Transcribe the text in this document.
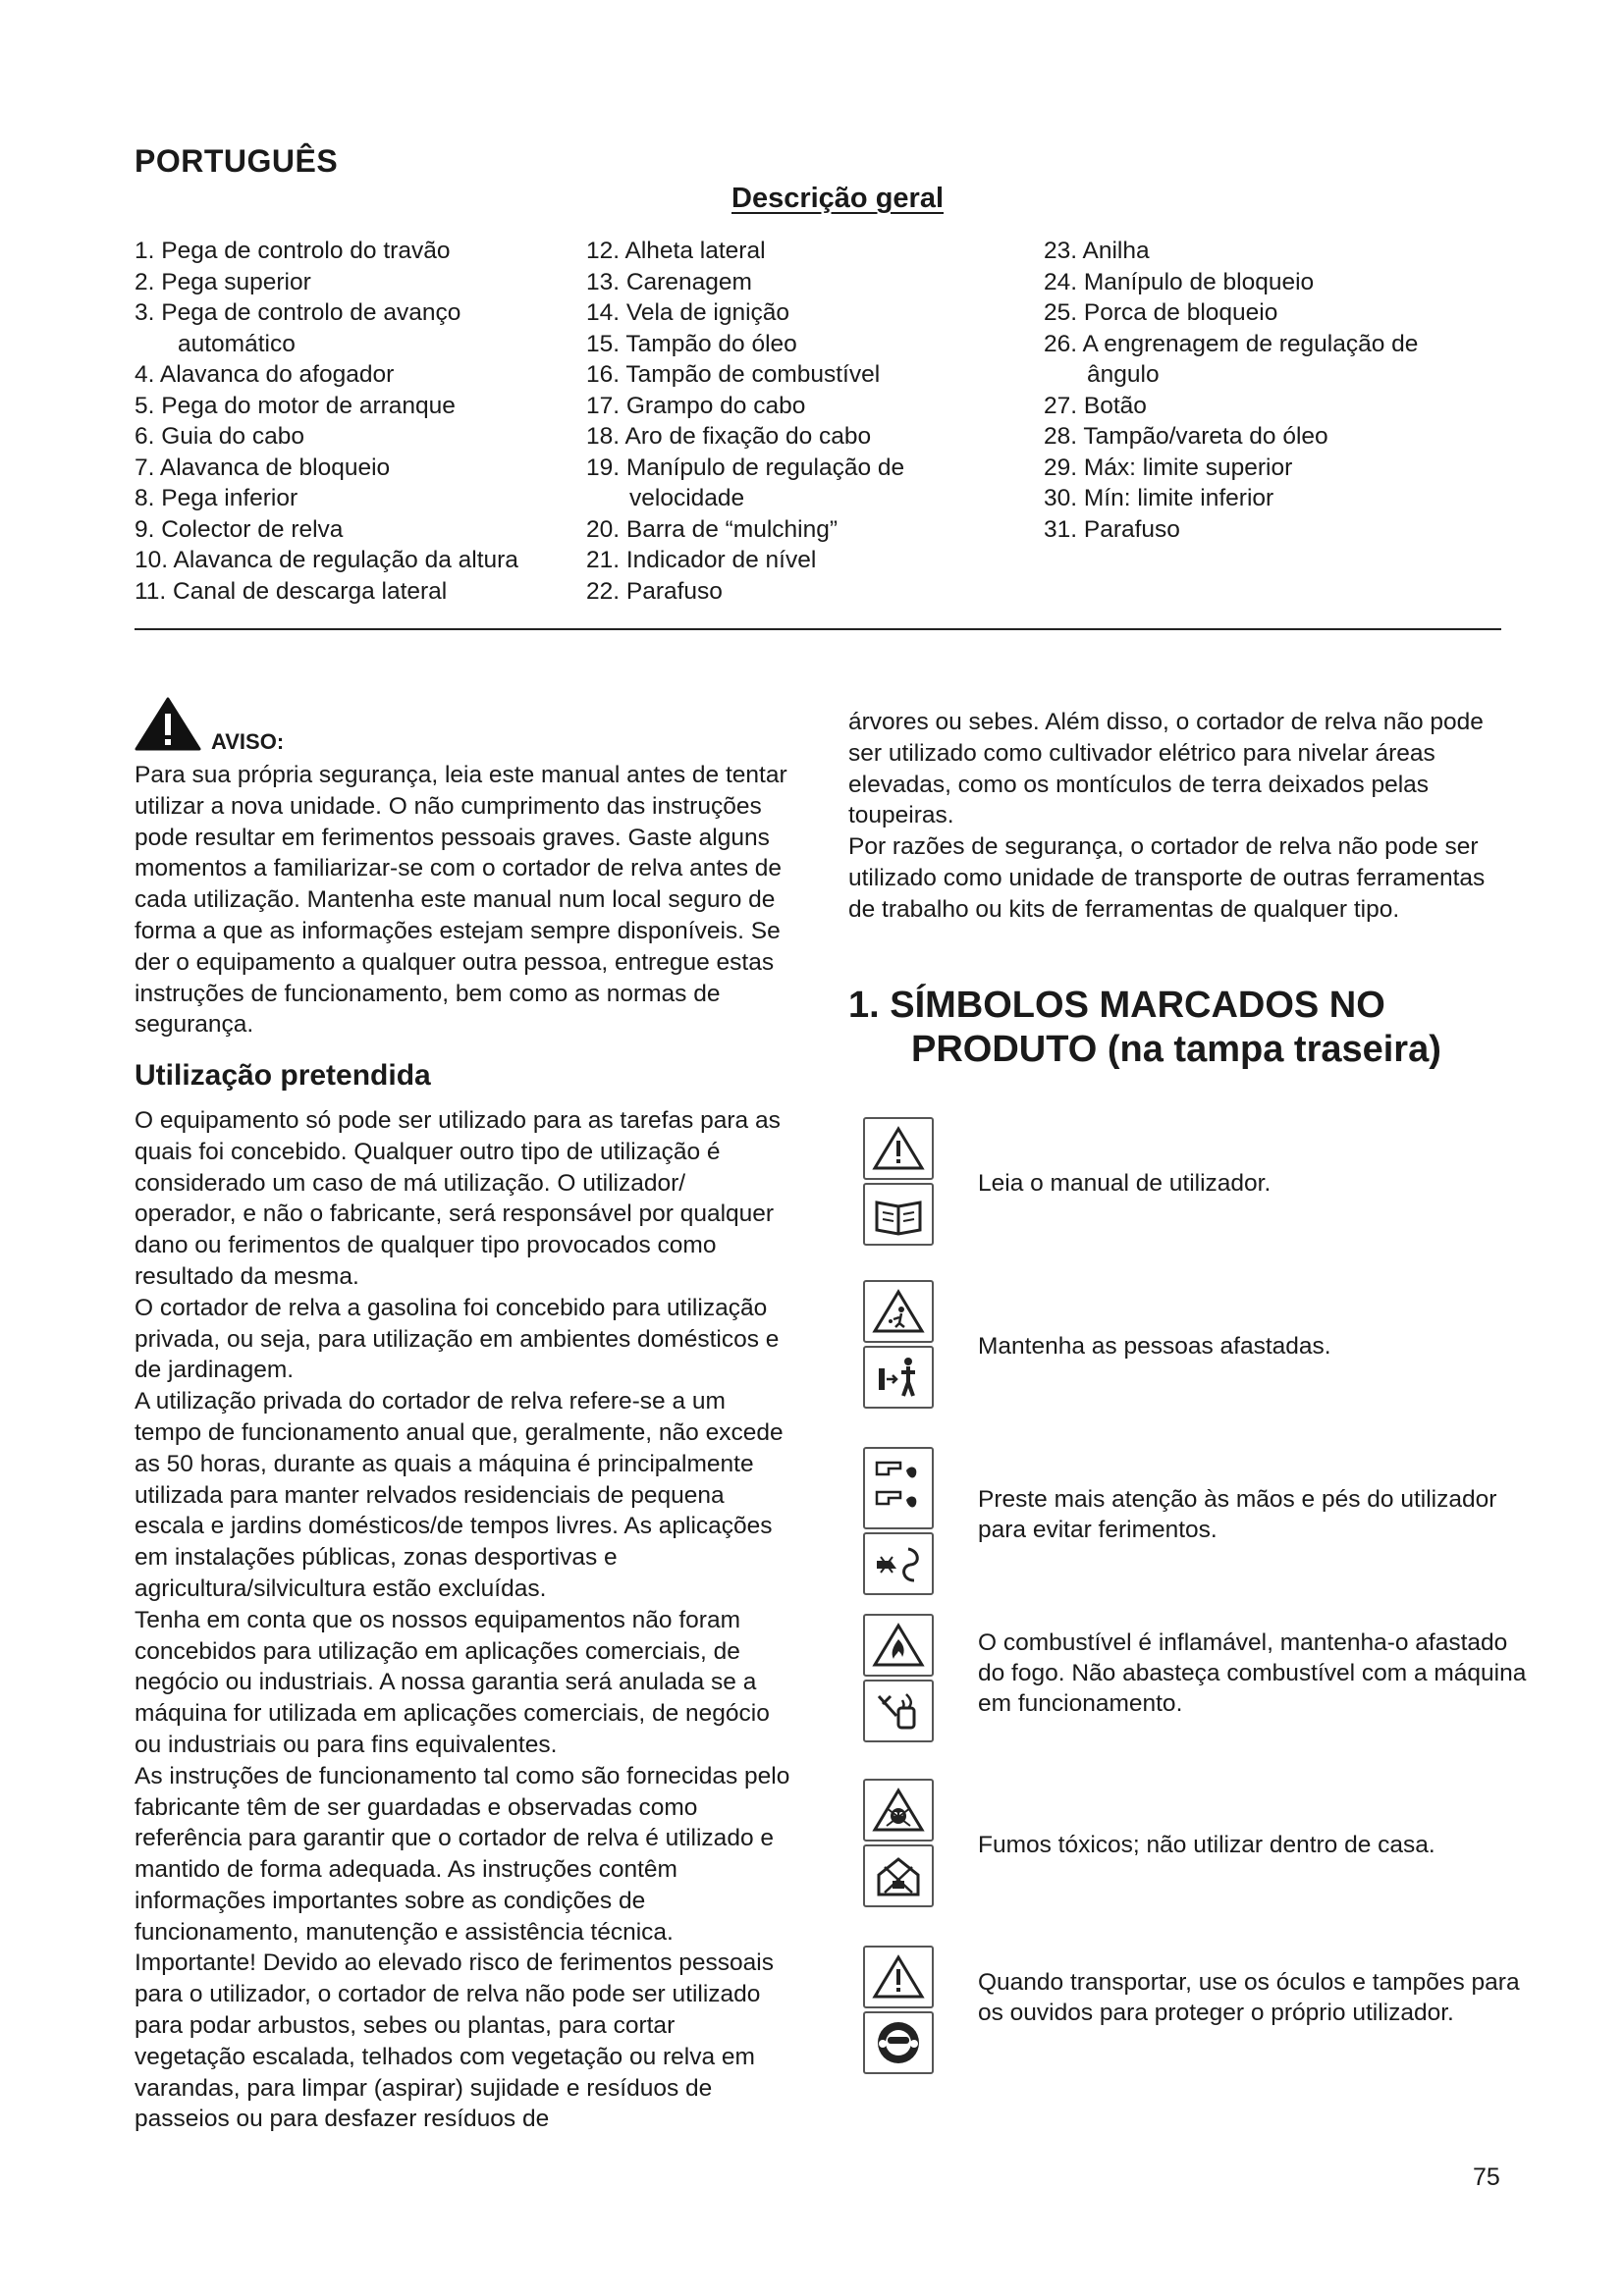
PORTUGUÊS
Descrição geral
1. Pega de controlo do travão
2. Pega superior
3. Pega de controlo de avanço
automático
4. Alavanca do afogador
5. Pega do motor de arranque
6. Guia do cabo
7. Alavanca de bloqueio
8. Pega inferior
9. Colector de relva
10. Alavanca de regulação da altura
11. Canal de descarga lateral
12. Alheta lateral
13. Carenagem
14. Vela de ignição
15. Tampão do óleo
16. Tampão de combustível
17. Grampo do cabo
18. Aro de fixação do cabo
19. Manípulo de regulação de
velocidade
20. Barra de “mulching”
21. Indicador de nível
22. Parafuso
23. Anilha
24. Manípulo de bloqueio
25. Porca de bloqueio
26. A engrenagem de regulação de
ângulo
27. Botão
28. Tampão/vareta do óleo
29. Máx: limite superior
30. Mín: limite inferior
31. Parafuso
AVISO:

Para sua própria segurança, leia este manual antes de tentar utilizar a nova unidade. O não cumprimento das instruções pode resultar em ferimentos pessoais graves. Gaste alguns momentos a familiarizar-se com o cortador de relva antes de cada utilização. Mantenha este manual num local seguro de forma a que as informações estejam sempre disponíveis. Se der o equipamento a qualquer outra pessoa, entregue estas instruções de funcionamento, bem como as normas de segurança.

Utilização pretendida

O equipamento só pode ser utilizado para as tarefas para as quais foi concebido. Qualquer outro tipo de utilização é considerado um caso de má utilização. O utilizador/ operador, e não o fabricante, será responsável por qualquer dano ou ferimentos de qualquer tipo provocados como resultado da mesma.

O cortador de relva a gasolina foi concebido para utilização privada, ou seja, para utilização em ambientes domésticos e de jardinagem.

A utilização privada do cortador de relva refere-se a um tempo de funcionamento anual que, geralmente, não excede as 50 horas, durante as quais a máquina é principalmente utilizada para manter relvados residenciais de pequena escala e jardins domésticos/de tempos livres. As aplicações em instalações públicas, zonas desportivas e agricultura/silvicultura estão excluídas.

Tenha em conta que os nossos equipamentos não foram concebidos para utilização em aplicações comerciais, de negócio ou industriais. A nossa garantia será anulada se a máquina for utilizada em aplicações comerciais, de negócio ou industriais ou para fins equivalentes.

As instruções de funcionamento tal como são fornecidas pelo fabricante têm de ser guardadas e observadas como referência para garantir que o cortador de relva é utilizado e mantido de forma adequada. As instruções contêm informações importantes sobre as condições de funcionamento, manutenção e assistência técnica.

Importante! Devido ao elevado risco de ferimentos pessoais para o utilizador, o cortador de relva não pode ser utilizado para podar arbustos, sebes ou plantas, para cortar vegetação escalada, telhados com vegetação ou relva em varandas, para limpar (aspirar) sujidade e resíduos de passeios ou para desfazer resíduos de

árvores ou sebes. Além disso, o cortador de relva não pode ser utilizado como cultivador elétrico para nivelar áreas elevadas, como os montículos de terra deixados pelas toupeiras.

Por razões de segurança, o cortador de relva não pode ser utilizado como unidade de transporte de outras ferramentas de trabalho ou kits de ferramentas de qualquer tipo.

1. SÍMBOLOS MARCADOS NO
PRODUTO (na tampa traseira)
Leia o manual de utilizador.
Mantenha as pessoas afastadas.
Preste mais atenção às mãos e pés do utilizador para evitar ferimentos.
O combustível é inflamável, mantenha-o afastado do fogo. Não abasteça combustível com a máquina em funcionamento.
Fumos tóxicos; não utilizar dentro de casa.
Quando transportar, use os óculos e tampões para os ouvidos para proteger o próprio utilizador.
75
